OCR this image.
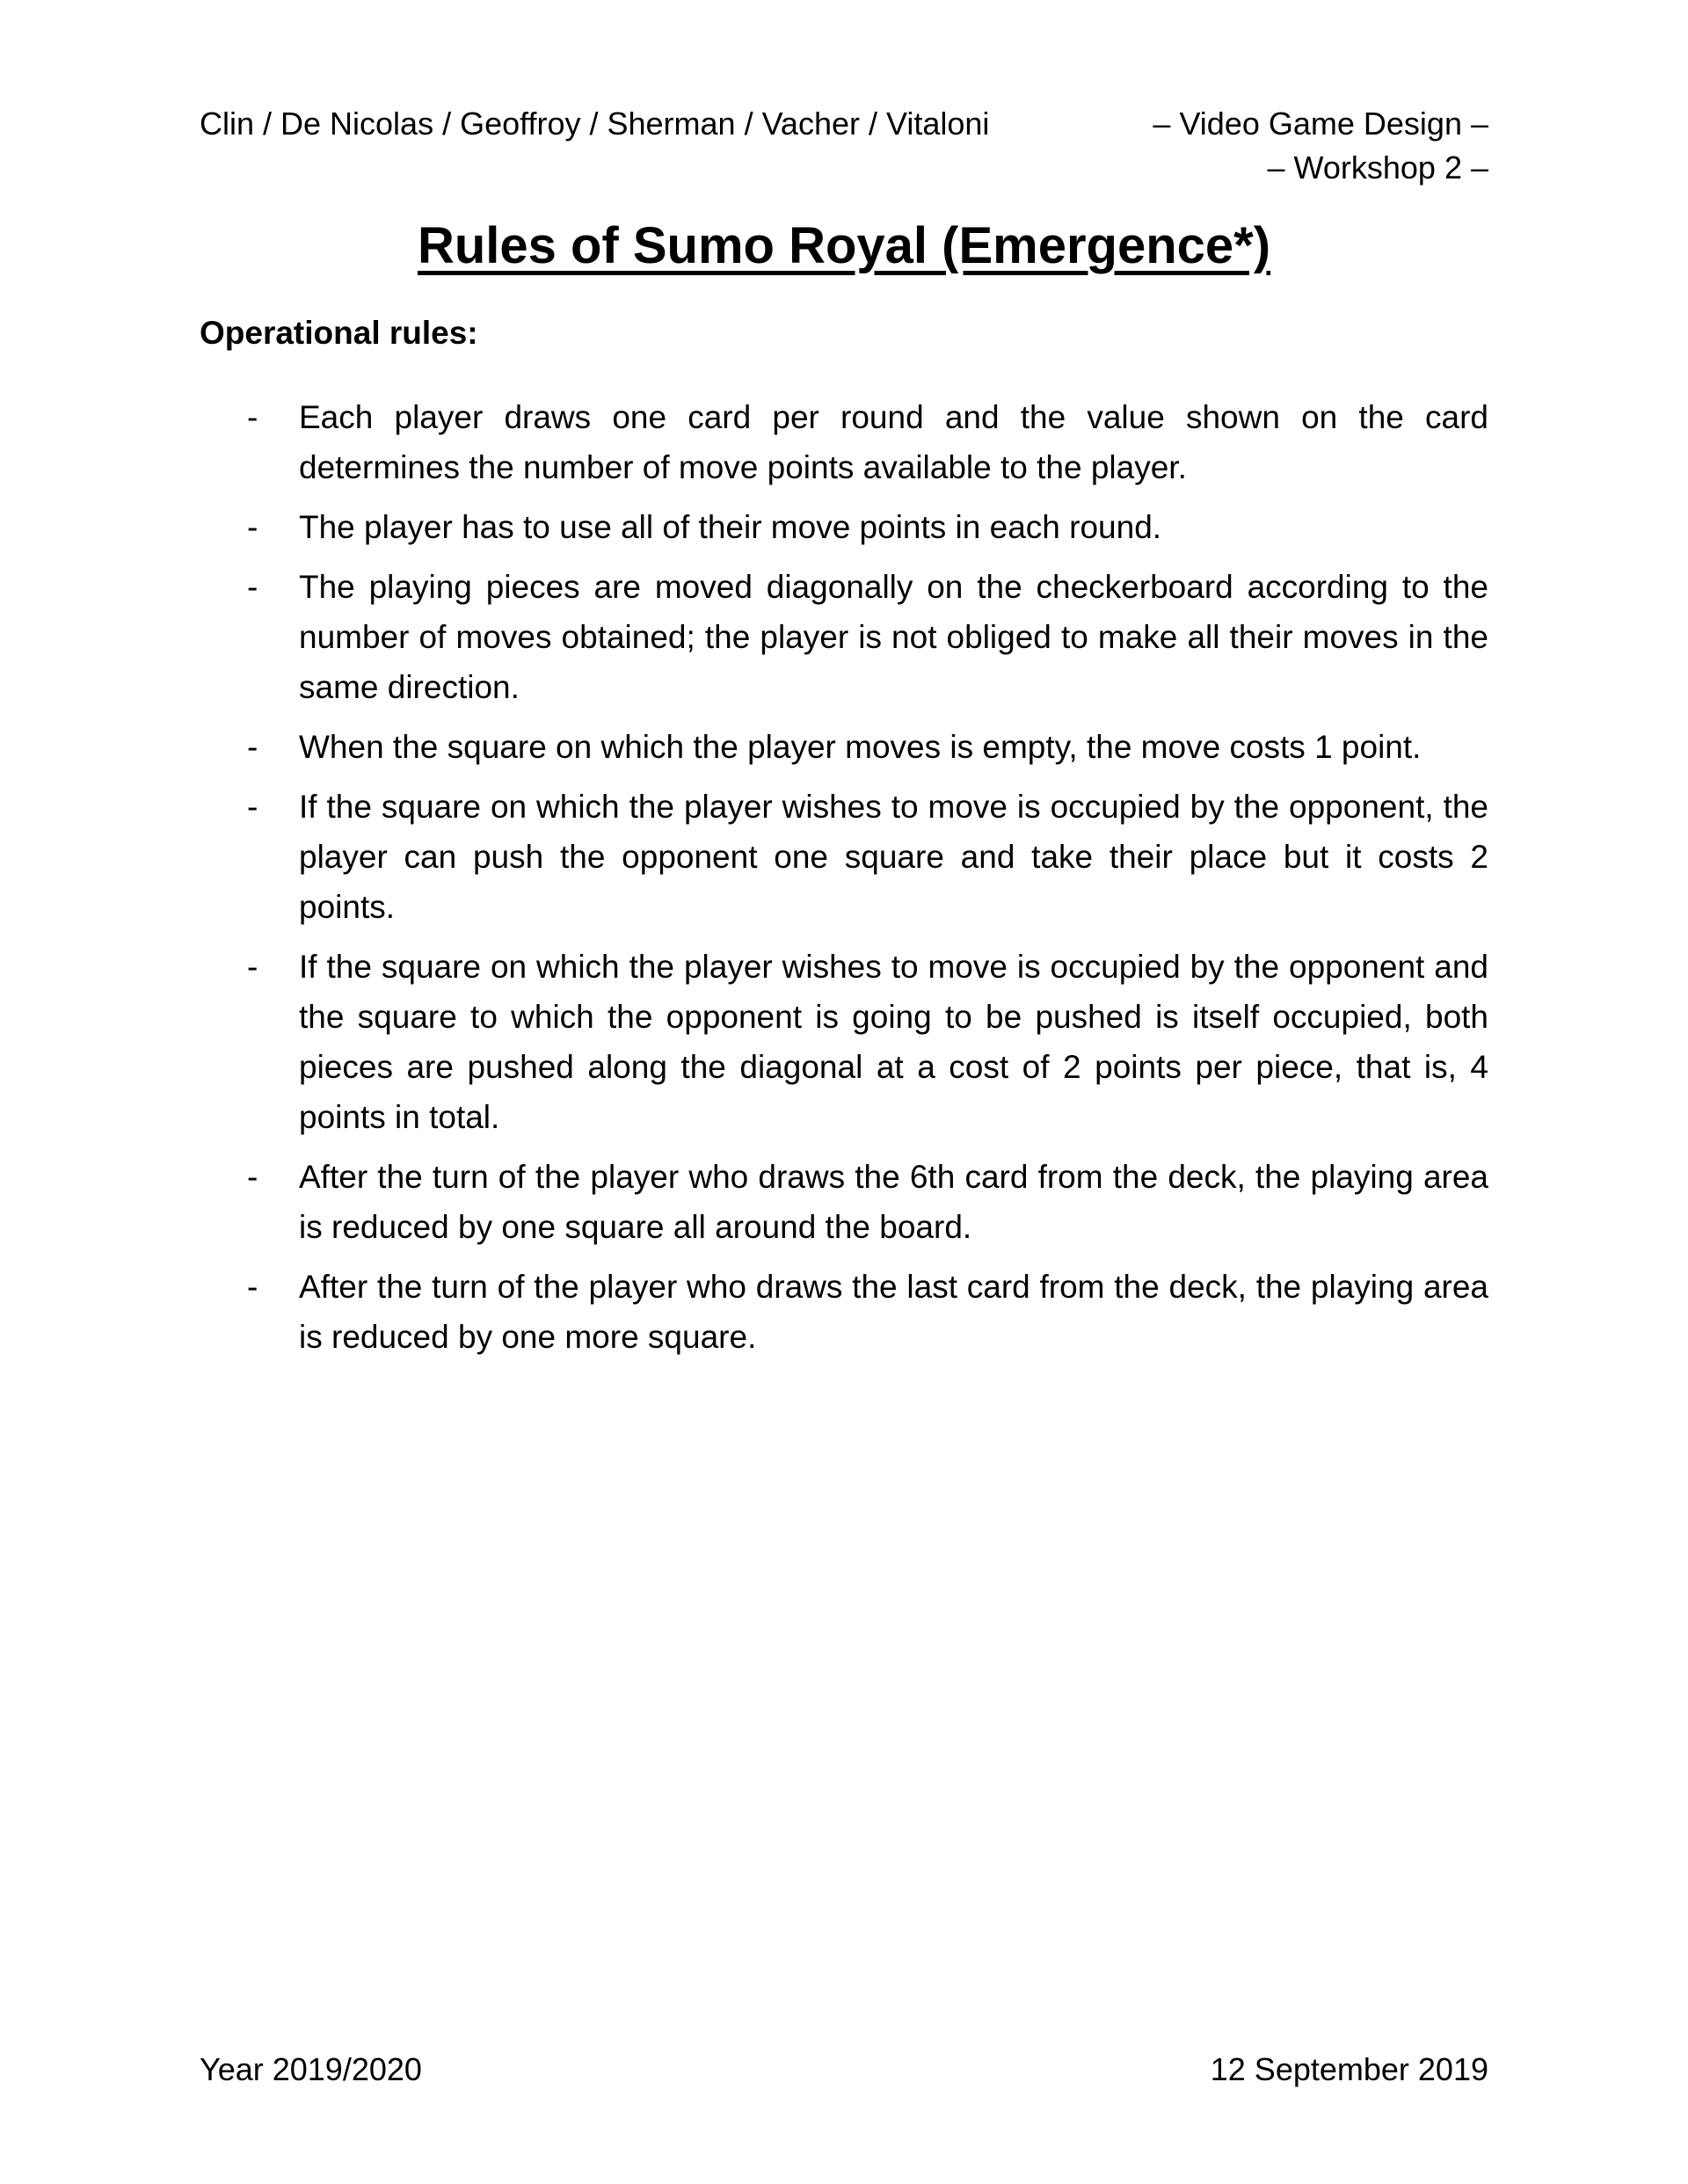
Clin / De Nicolas / Geoffroy / Sherman / Vacher / Vitaloni	– Video Game Design –
– Workshop 2 –
Rules of Sumo Royal (Emergence*)
Operational rules:
- Each player draws one card per round and the value shown on the card determines the number of move points available to the player.
- The player has to use all of their move points in each round.
- The playing pieces are moved diagonally on the checkerboard according to the number of moves obtained; the player is not obliged to make all their moves in the same direction.
- When the square on which the player moves is empty, the move costs 1 point.
- If the square on which the player wishes to move is occupied by the opponent, the player can push the opponent one square and take their place but it costs 2 points.
- If the square on which the player wishes to move is occupied by the opponent and the square to which the opponent is going to be pushed is itself occupied, both pieces are pushed along the diagonal at a cost of 2 points per piece, that is, 4 points in total.
- After the turn of the player who draws the 6th card from the deck, the playing area is reduced by one square all around the board.
- After the turn of the player who draws the last card from the deck, the playing area is reduced by one more square.
Year 2019/2020	12 September 2019
